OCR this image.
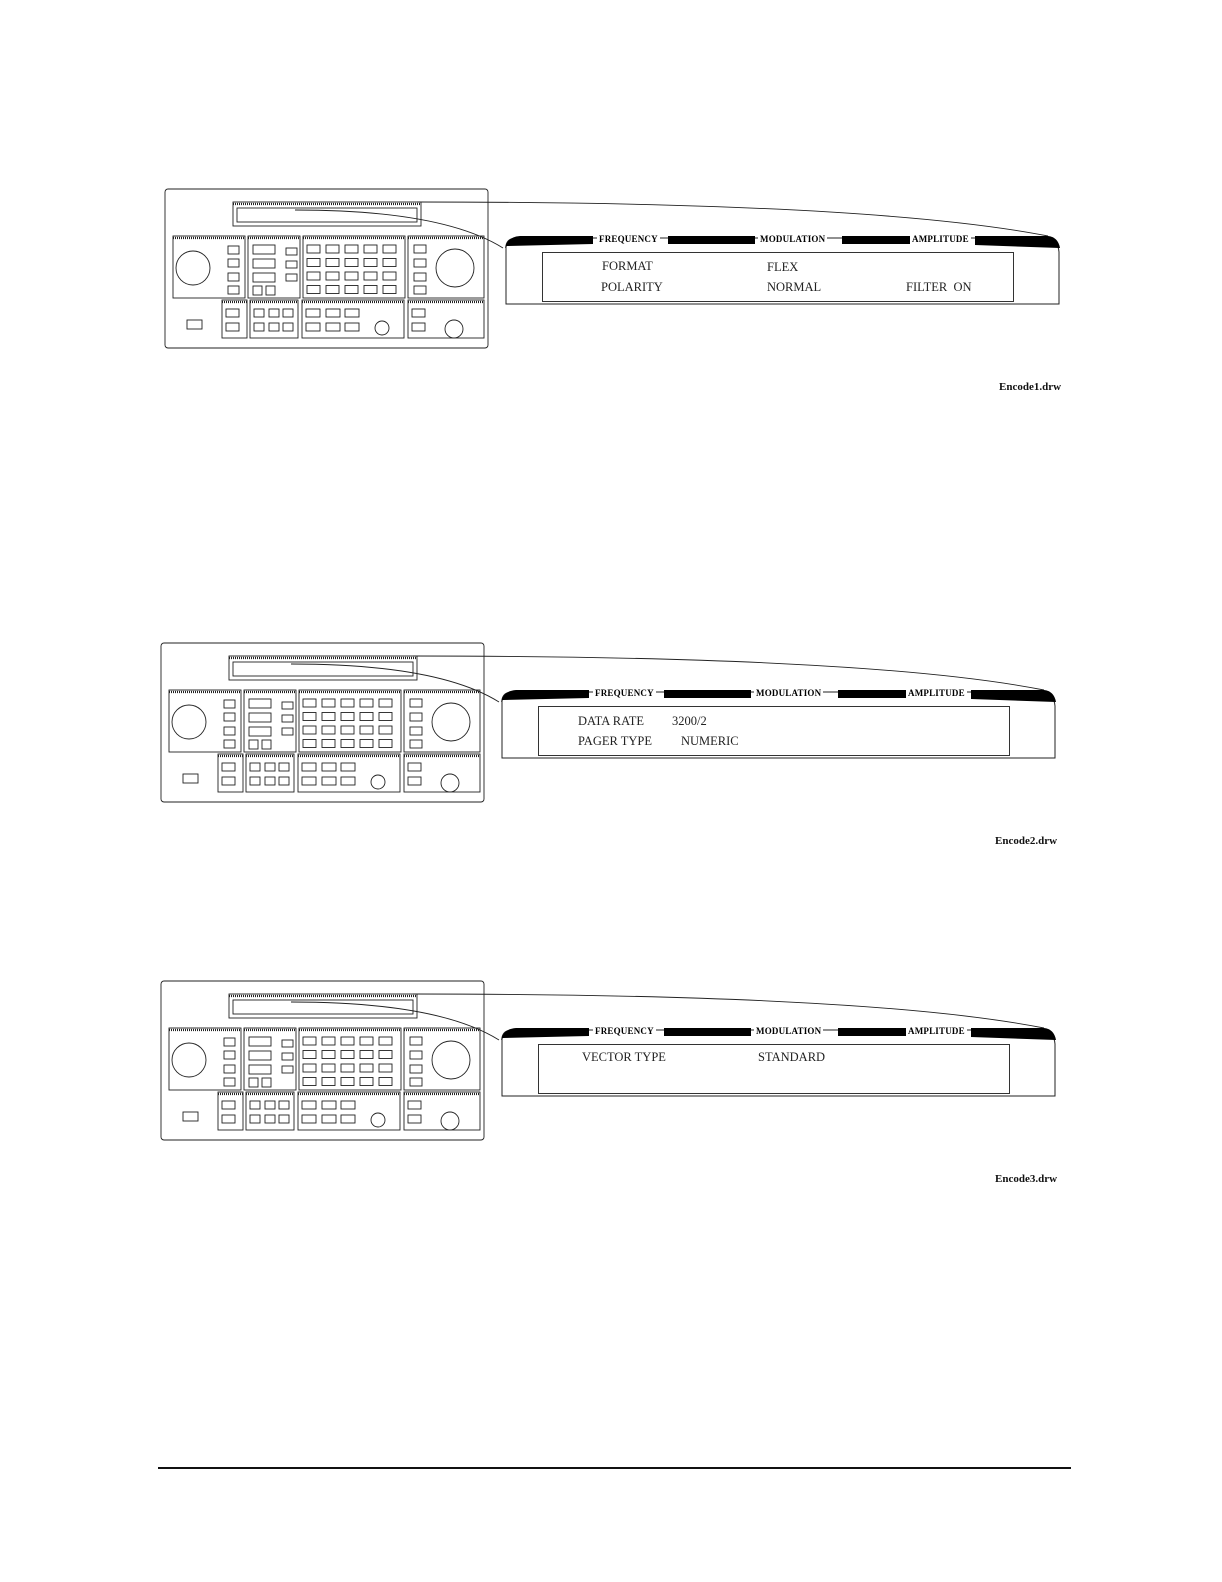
FREQUENCY	MODULATION	AMPLITUDE
FORMAT	FLEX
POLARITY	NORMAL	FILTER  ON
Encode1.drw
FREQUENCY	MODULATION	AMPLITUDE
DATA RATE 3200/2
PAGER TYPE NUMERIC
Encode2.drw
FREQUENCY	MODULATION	AMPLITUDE
VECTOR TYPE	STANDARD
Encode3.drw
